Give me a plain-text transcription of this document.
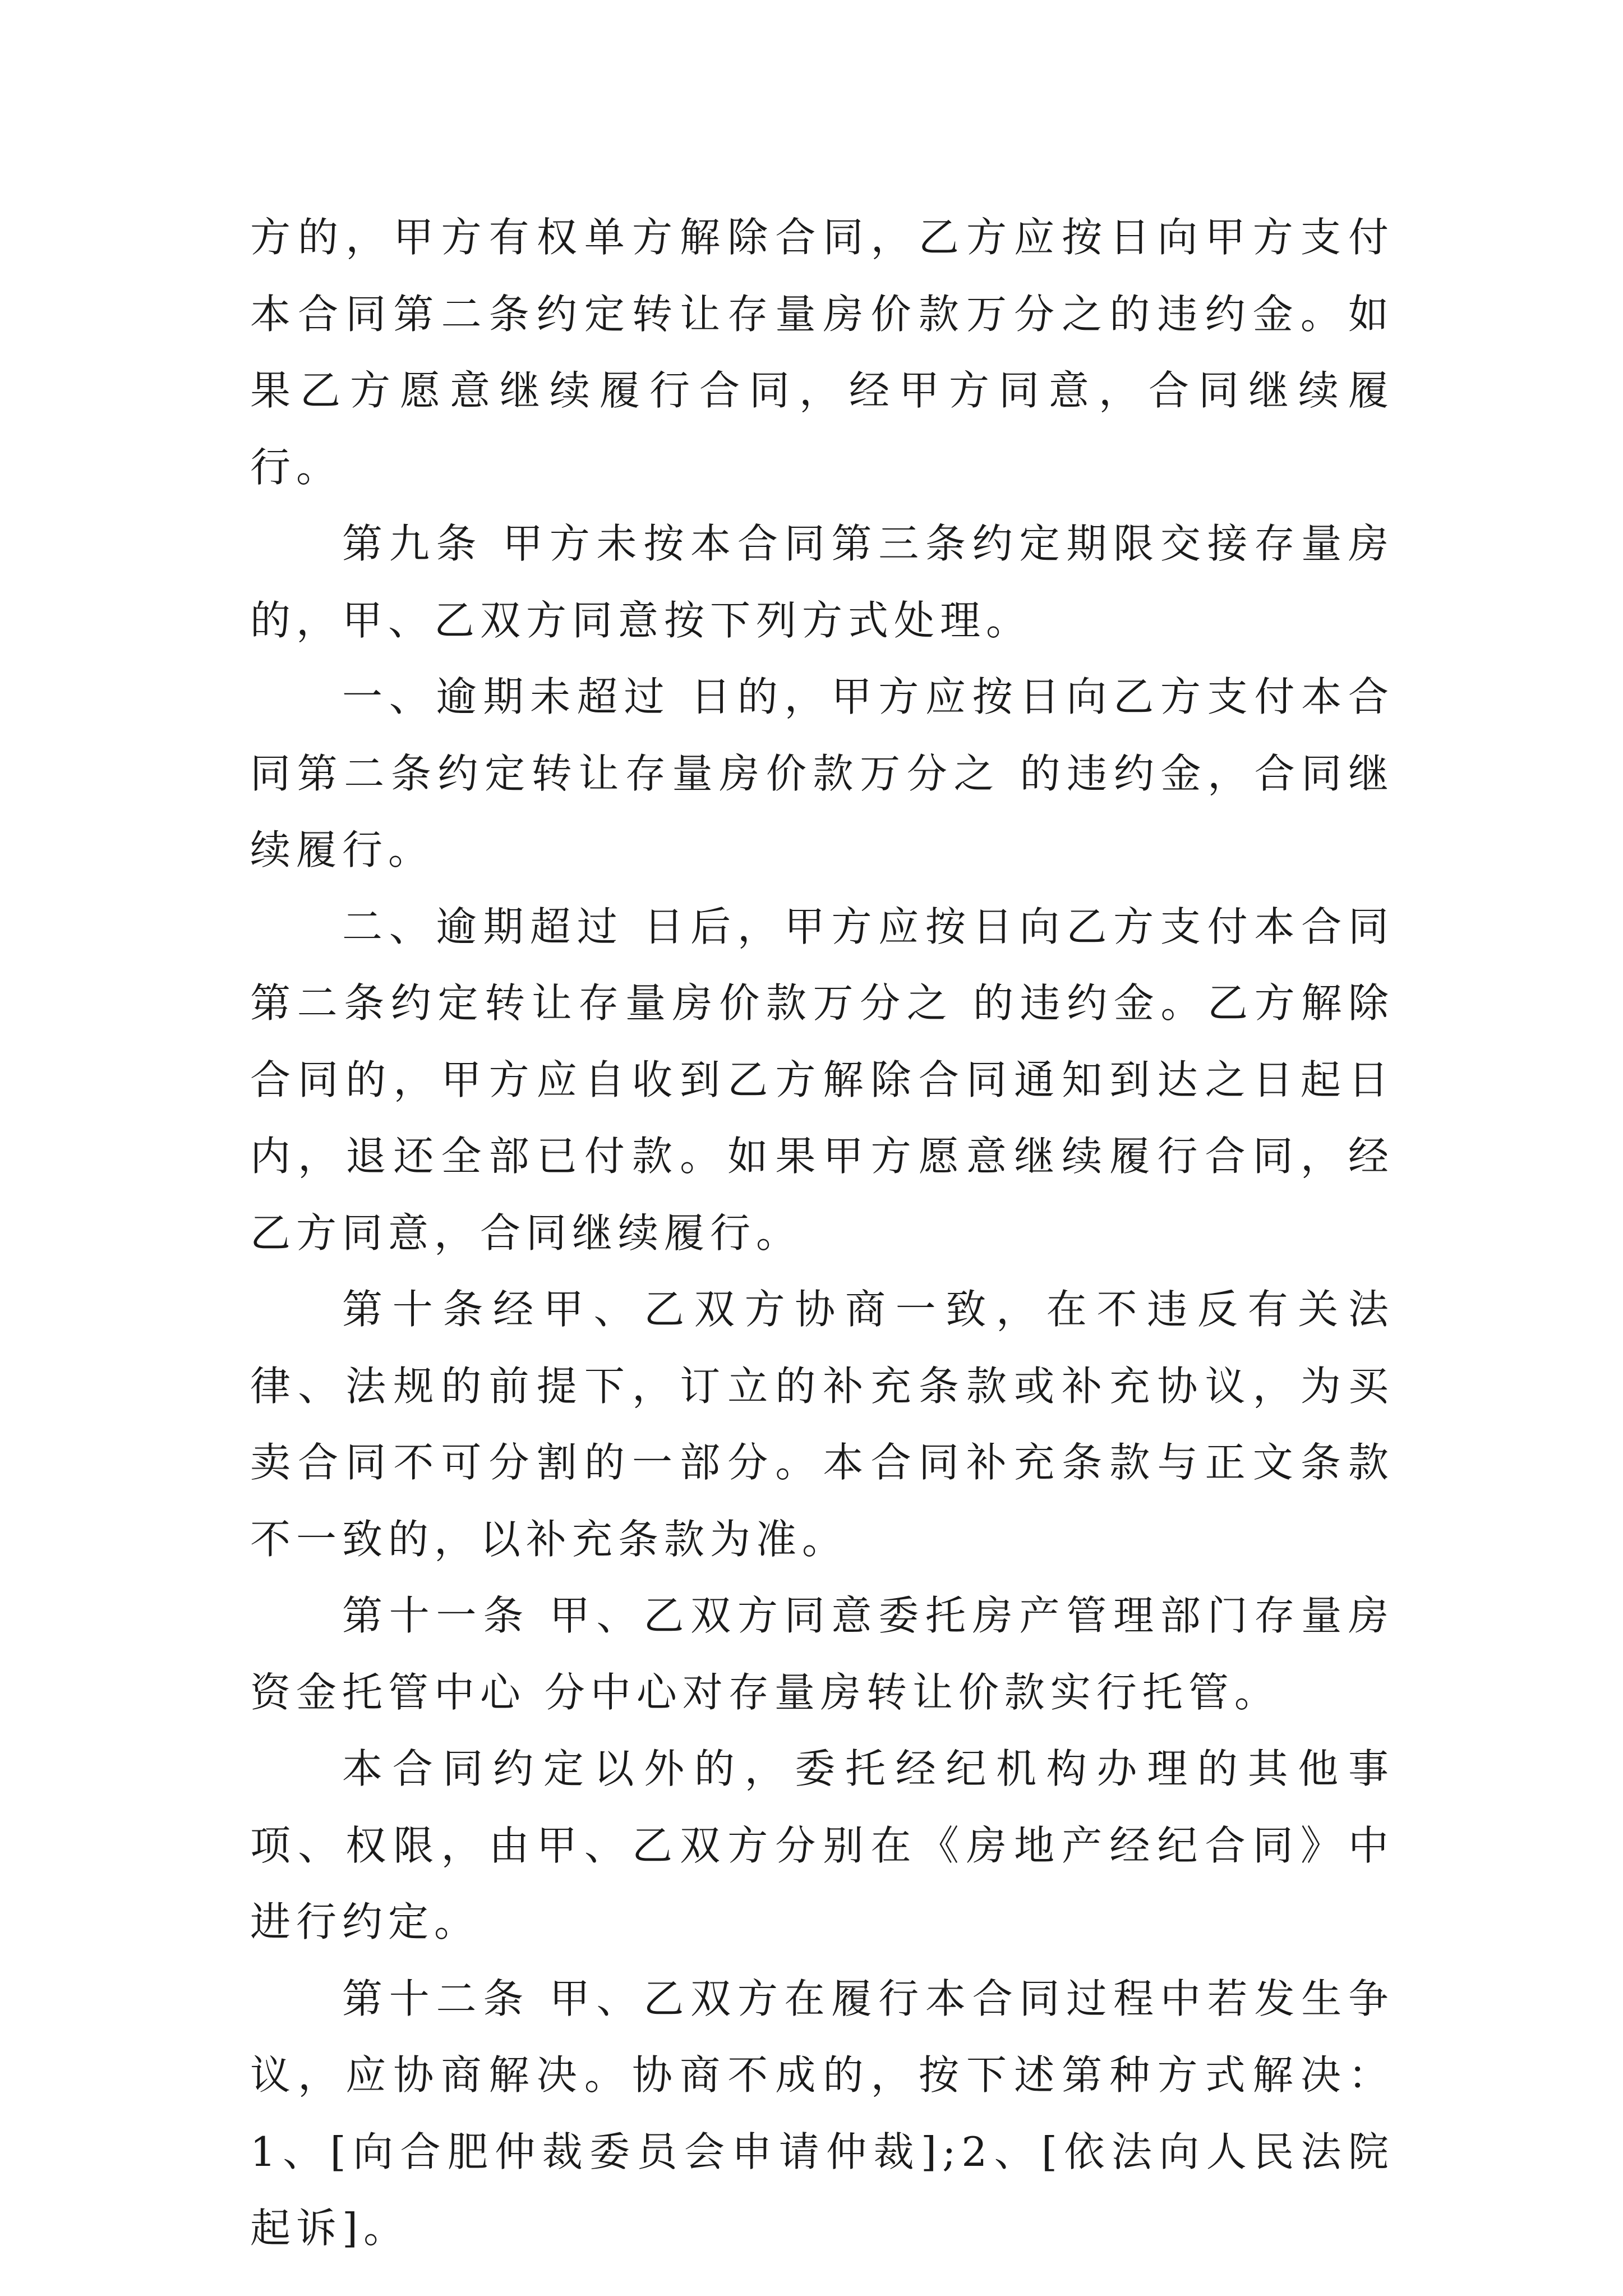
方的，甲方有权单方解除合同，乙方应按日向甲方支付本合同第二条约定转让存量房价款万分之的违约金。如果乙方愿意继续履行合同，经甲方同意，合同继续履行。

第九条 甲方未按本合同第三条约定期限交接存量房的，甲、乙双方同意按下列方式处理。

一、逾期未超过 日的，甲方应按日向乙方支付本合同第二条约定转让存量房价款万分之 的违约金，合同继续履行。

二、逾期超过 日后，甲方应按日向乙方支付本合同第二条约定转让存量房价款万分之 的违约金。乙方解除合同的，甲方应自收到乙方解除合同通知到达之日起日内，退还全部已付款。如果甲方愿意继续履行合同，经乙方同意，合同继续履行。

第十条经甲、乙双方协商一致，在不违反有关法律、法规的前提下，订立的补充条款或补充协议，为买卖合同不可分割的一部分。本合同补充条款与正文条款不一致的，以补充条款为准。

第十一条 甲、乙双方同意委托房产管理部门存量房资金托管中心 分中心对存量房转让价款实行托管。

本合同约定以外的，委托经纪机构办理的其他事项、权限，由甲、乙双方分别在《房地产经纪合同》中进行约定。

第十二条 甲、乙双方在履行本合同过程中若发生争议，应协商解决。协商不成的，按下述第种方式解决：1、[向合肥仲裁委员会申请仲裁];2、[依法向人民法院起诉]。
